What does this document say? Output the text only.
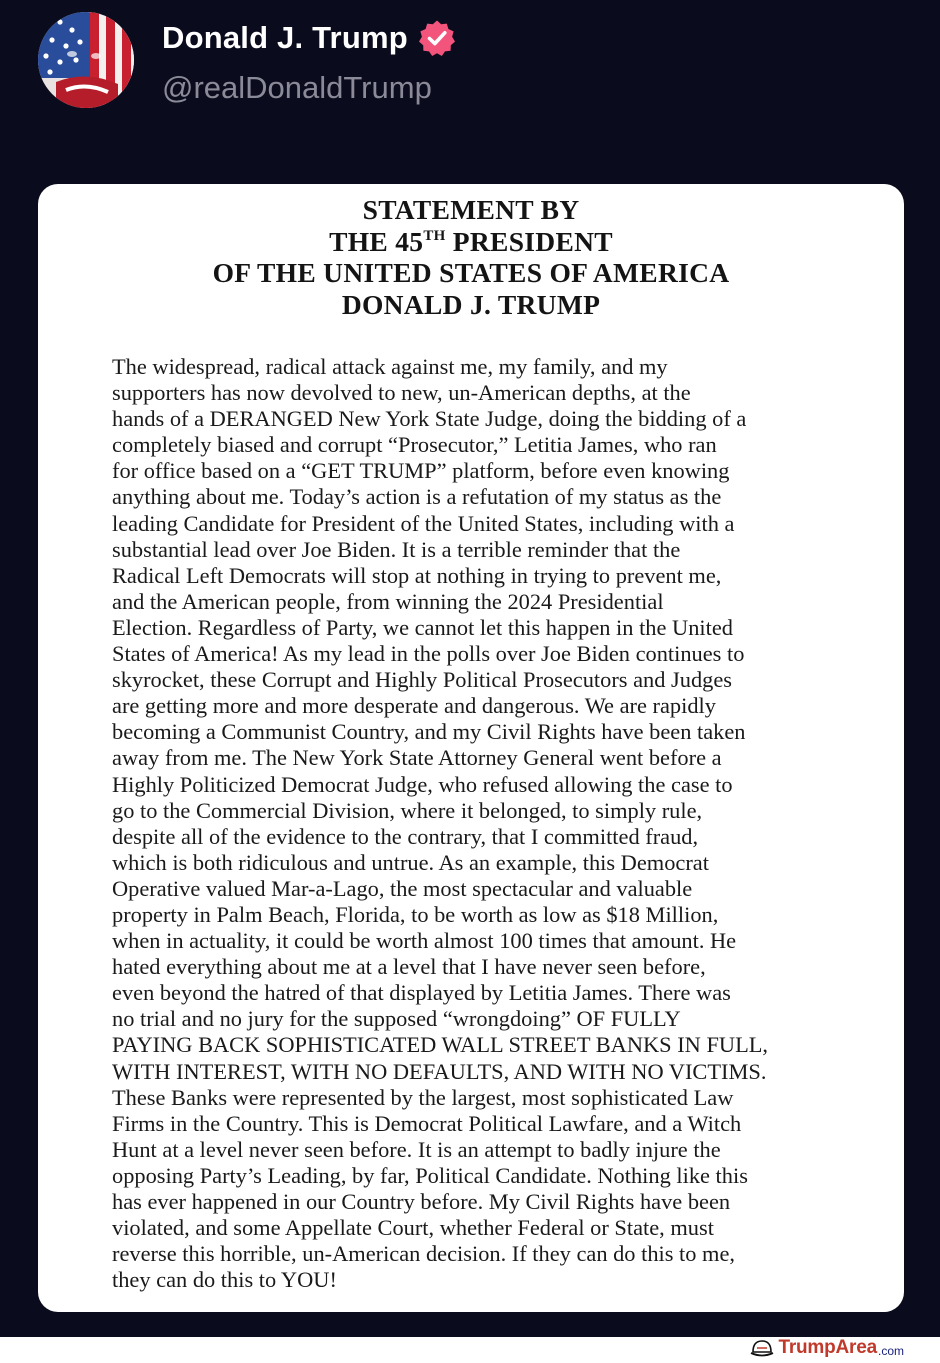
Donald J. Trump
@realDonaldTrump
STATEMENT BY
THE 45TH PRESIDENT
OF THE UNITED STATES OF AMERICA
DONALD J. TRUMP

The widespread, radical attack against me, my family, and my
supporters has now devolved to new, un-American depths, at the
hands of a DERANGED New York State Judge, doing the bidding of a
completely biased and corrupt “Prosecutor,” Letitia James, who ran
for office based on a “GET TRUMP” platform, before even knowing
anything about me. Today’s action is a refutation of my status as the
leading Candidate for President of the United States, including with a
substantial lead over Joe Biden. It is a terrible reminder that the
Radical Left Democrats will stop at nothing in trying to prevent me,
and the American people, from winning the 2024 Presidential
Election. Regardless of Party, we cannot let this happen in the United
States of America! As my lead in the polls over Joe Biden continues to
skyrocket, these Corrupt and Highly Political Prosecutors and Judges
are getting more and more desperate and dangerous. We are rapidly
becoming a Communist Country, and my Civil Rights have been taken
away from me. The New York State Attorney General went before a
Highly Politicized Democrat Judge, who refused allowing the case to
go to the Commercial Division, where it belonged, to simply rule,
despite all of the evidence to the contrary, that I committed fraud,
which is both ridiculous and untrue. As an example, this Democrat
Operative valued Mar-a-Lago, the most spectacular and valuable
property in Palm Beach, Florida, to be worth as low as $18 Million,
when in actuality, it could be worth almost 100 times that amount. He
hated everything about me at a level that I have never seen before,
even beyond the hatred of that displayed by Letitia James. There was
no trial and no jury for the supposed “wrongdoing” OF FULLY
PAYING BACK SOPHISTICATED WALL STREET BANKS IN FULL,
WITH INTEREST, WITH NO DEFAULTS, AND WITH NO VICTIMS.
These Banks were represented by the largest, most sophisticated Law
Firms in the Country. This is Democrat Political Lawfare, and a Witch
Hunt at a level never seen before. It is an attempt to badly injure the
opposing Party’s Leading, by far, Political Candidate. Nothing like this
has ever happened in our Country before. My Civil Rights have been
violated, and some Appellate Court, whether Federal or State, must
reverse this horrible, un-American decision. If they can do this to me,
they can do this to YOU!

TrumpArea .com
